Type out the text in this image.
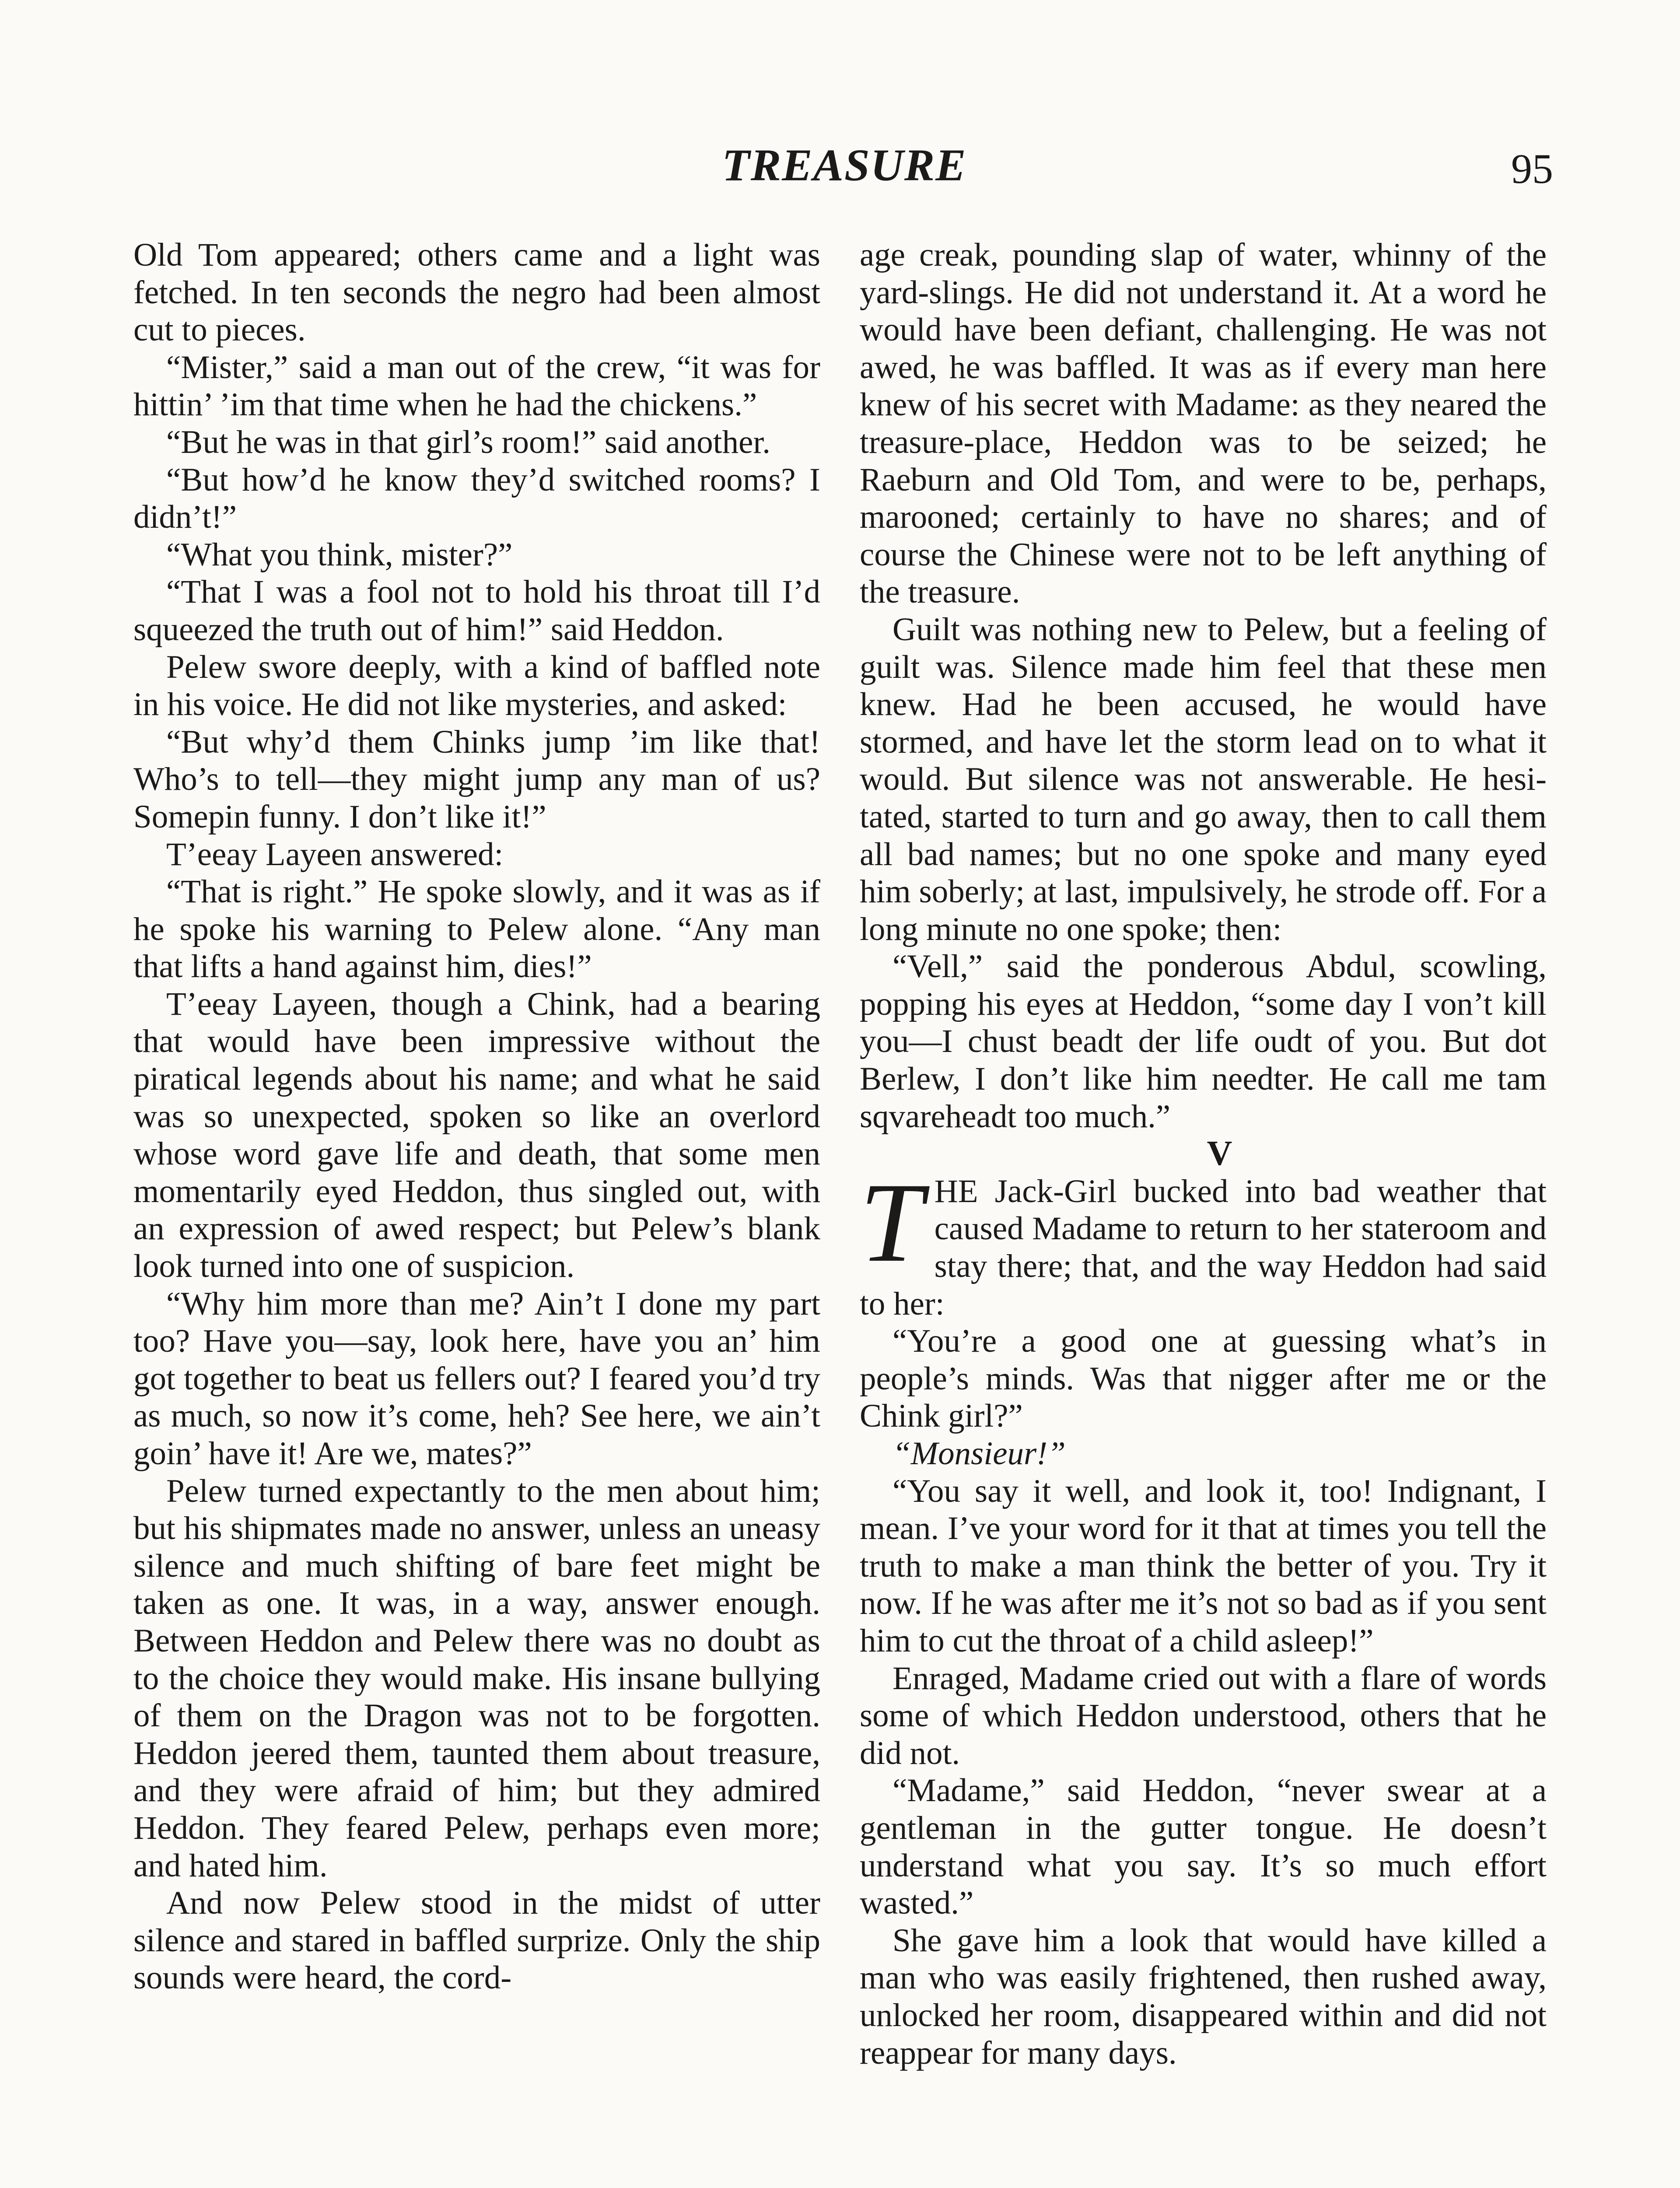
TREASURE	95

Old Tom appeared; others came and a light was fetched. In ten seconds the negro had been almost cut to pieces.

“Mister,” said a man out of the crew, “it was for hittin’ ’im that time when he had the chickens.”

“But he was in that girl’s room!” said another.

“But how’d he know they’d switched rooms? I didn’t!”

“What you think, mister?”

“That I was a fool not to hold his throat till I’d squeezed the truth out of him!” said Heddon.

Pelew swore deeply, with a kind of baffled note in his voice. He did not like mysteries, and asked:

“But why’d them Chinks jump ’im like that! Who’s to tell—they might jump any man of us? Somepin funny. I don’t like it!”

T’eeay Layeen answered:

“That is right.” He spoke slowly, and it was as if he spoke his warning to Pelew alone. “Any man that lifts a hand against him, dies!”

T’eeay Layeen, though a Chink, had a bearing that would have been impressive without the piratical legends about his name; and what he said was so unexpected, spoken so like an overlord whose word gave life and death, that some men momentarily eyed Heddon, thus singled out, with an expression of awed respect; but Pelew’s blank look turned into one of suspicion.

“Why him more than me? Ain’t I done my part too? Have you—say, look here, have you an’ him got together to beat us fellers out? I feared you’d try as much, so now it’s come, heh? See here, we ain’t goin’ have it! Are we, mates?”

Pelew turned expectantly to the men about him; but his shipmates made no answer, unless an uneasy silence and much shifting of bare feet might be taken as one. It was, in a way, answer enough. Between Heddon and Pelew there was no doubt as to the choice they would make. His insane bullying of them on the Dragon was not to be forgotten. Heddon jeered them, taunted them about treasure, and they were afraid of him; but they admired Heddon. They feared Pelew, perhaps even more; and hated him.

And now Pelew stood in the midst of utter silence and stared in baffled surprize. Only the ship sounds were heard, the cord-

age creak, pounding slap of water, whinny of the yard-slings. He did not understand it. At a word he would have been defiant, challenging. He was not awed, he was baffled. It was as if every man here knew of his secret with Madame: as they neared the treasure-place, Heddon was to be seized; he Raeburn and Old Tom, and were to be, perhaps, marooned; certainly to have no shares; and of course the Chinese were not to be left anything of the treasure.

Guilt was nothing new to Pelew, but a feeling of guilt was. Silence made him feel that these men knew. Had he been accused, he would have stormed, and have let the storm lead on to what it would. But silence was not answerable. He hesitated, started to turn and go away, then to call them all bad names; but no one spoke and many eyed him soberly; at last, impulsively, he strode off. For a long minute no one spoke; then:

“Vell,” said the ponderous Abdul, scowling, popping his eyes at Heddon, “some day I von’t kill you—I chust beadt der life oudt of you. But dot Berlew, I don’t like him needter. He call me tam sqvareheadt too much.”

V

THE Jack-Girl bucked into bad weather that caused Madame to return to her stateroom and stay there; that, and the way Heddon had said to her:

“You’re a good one at guessing what’s in people’s minds. Was that nigger after me or the Chink girl?”

“Monsieur!”

“You say it well, and look it, too! Indignant, I mean. I’ve your word for it that at times you tell the truth to make a man think the better of you. Try it now. If he was after me it’s not so bad as if you sent him to cut the throat of a child asleep!”

Enraged, Madame cried out with a flare of words some of which Heddon understood, others that he did not.

“Madame,” said Heddon, “never swear at a gentleman in the gutter tongue. He doesn’t understand what you say. It’s so much effort wasted.”

She gave him a look that would have killed a man who was easily frightened, then rushed away, unlocked her room, disappeared within and did not reappear for many days.
